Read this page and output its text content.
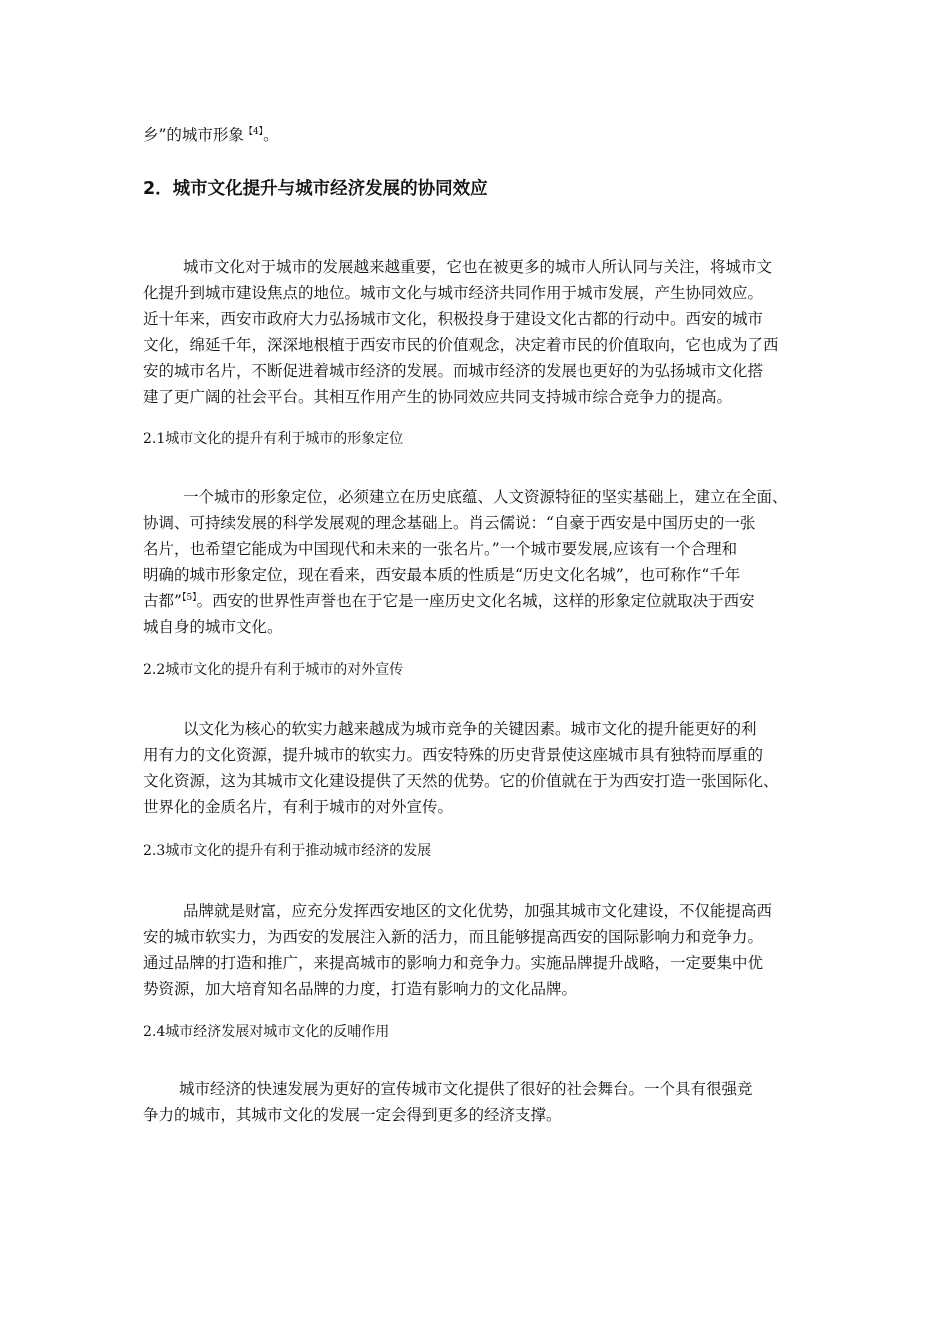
乡”的城市形象$^{【4】}$。
2．城市文化提升与城市经济发展的协同效应
城市文化对于城市的发展越来越重要，它也在被更多的城市人所认同与关注，将城市文
化提升到城市建设焦点的地位。城市文化与城市经济共同作用于城市发展，产生协同效应。
近十年来，西安市政府大力弘扬城市文化，积极投身于建设文化古都的行动中。西安的城市
文化，绵延千年，深深地根植于西安市民的价值观念，决定着市民的价值取向，它也成为了西
安的城市名片，不断促进着城市经济的发展。而城市经济的发展也更好的为弘扬城市文化搭
建了更广阔的社会平台。其相互作用产生的协同效应共同支持城市综合竞争力的提高。
2.1城市文化的提升有利于城市的形象定位
一个城市的形象定位，必须建立在历史底蕴、人文资源特征的坚实基础上，建立在全面、
协调、可持续发展的科学发展观的理念基础上。肖云儒说：“自豪于西安是中国历史的一张
名片，也希望它能成为中国现代和未来的一张名片。”一个城市要发展,应该有一个合理和
明确的城市形象定位，现在看来，西安最本质的性质是“历史文化名城”，也可称作“千年
古都”$^{【5】}$。西安的世界性声誉也在于它是一座历史文化名城，这样的形象定位就取决于西安
城自身的城市文化。
2.2城市文化的提升有利于城市的对外宣传
以文化为核心的软实力越来越成为城市竞争的关键因素。城市文化的提升能更好的利
用有力的文化资源，提升城市的软实力。西安特殊的历史背景使这座城市具有独特而厚重的
文化资源，这为其城市文化建设提供了天然的优势。它的价值就在于为西安打造一张国际化、
世界化的金质名片，有利于城市的对外宣传。
2.3城市文化的提升有利于推动城市经济的发展
品牌就是财富，应充分发挥西安地区的文化优势，加强其城市文化建设，不仅能提高西
安的城市软实力，为西安的发展注入新的活力，而且能够提高西安的国际影响力和竞争力。
通过品牌的打造和推广，来提高城市的影响力和竞争力。实施品牌提升战略，一定要集中优
势资源，加大培育知名品牌的力度，打造有影响力的文化品牌。
2.4城市经济发展对城市文化的反哺作用
城市经济的快速发展为更好的宣传城市文化提供了很好的社会舞台。一个具有很强竞
争力的城市，其城市文化的发展一定会得到更多的经济支撑。
